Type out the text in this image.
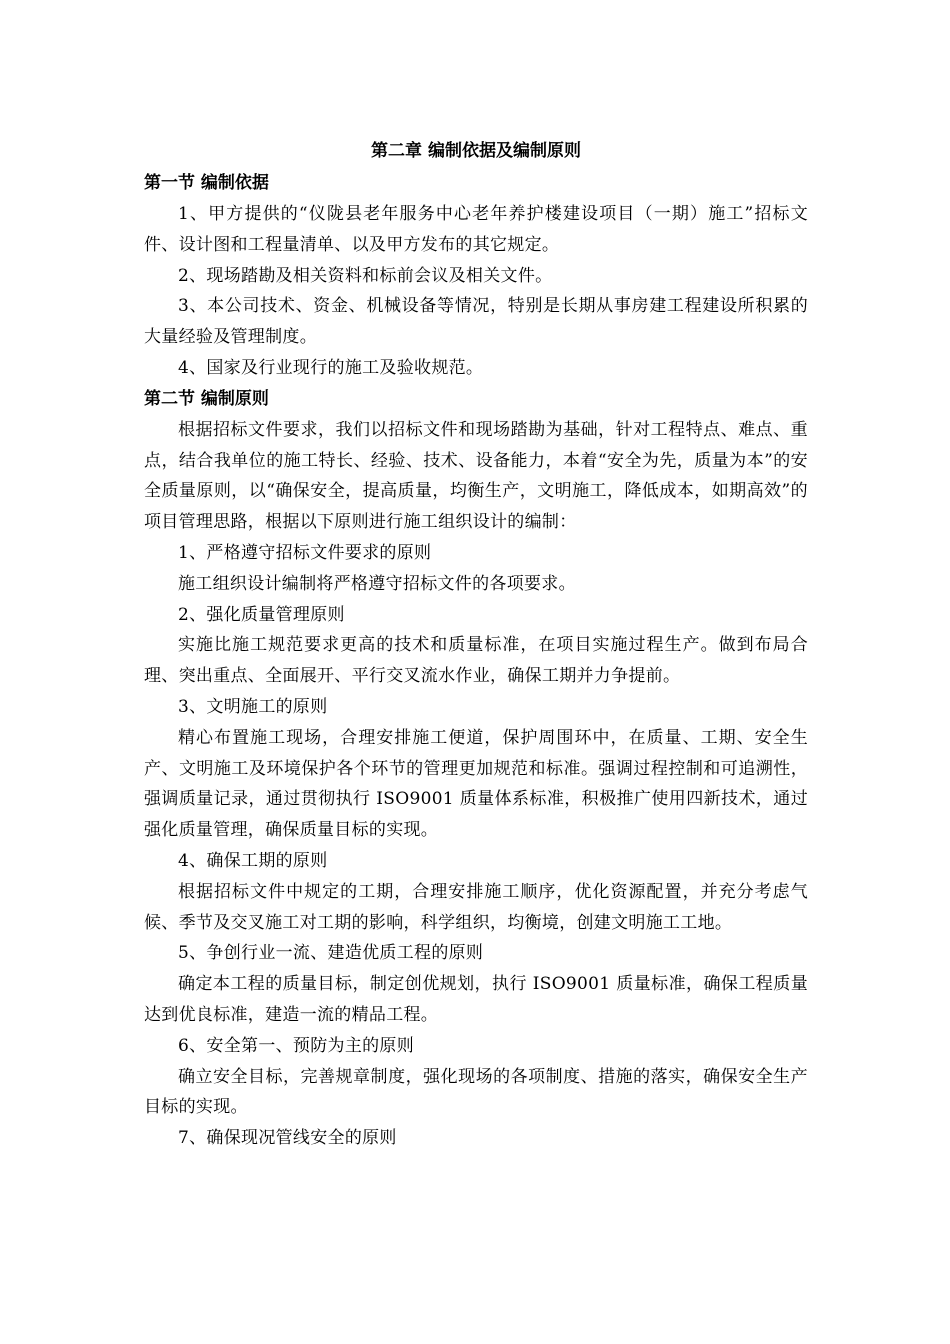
第二章 编制依据及编制原则
第一节 编制依据

1、甲方提供的“仪陇县老年服务中心老年养护楼建设项目（一期）施工”招标文件、设计图和工程量清单、以及甲方发布的其它规定。

2、现场踏勘及相关资料和标前会议及相关文件。

3、本公司技术、资金、机械设备等情况，特别是长期从事房建工程建设所积累的大量经验及管理制度。

4、国家及行业现行的施工及验收规范。

第二节 编制原则

根据招标文件要求，我们以招标文件和现场踏勘为基础，针对工程特点、难点、重点，结合我单位的施工特长、经验、技术、设备能力，本着“安全为先，质量为本”的安全质量原则，以“确保安全，提高质量，均衡生产，文明施工，降低成本，如期高效”的项目管理思路，根据以下原则进行施工组织设计的编制：

1、严格遵守招标文件要求的原则

施工组织设计编制将严格遵守招标文件的各项要求。

2、强化质量管理原则

实施比施工规范要求更高的技术和质量标准，在项目实施过程生产。做到布局合理、突出重点、全面展开、平行交叉流水作业，确保工期并力争提前。

3、文明施工的原则

精心布置施工现场，合理安排施工便道，保护周围环中，在质量、工期、安全生产、文明施工及环境保护各个环节的管理更加规范和标准。强调过程控制和可追溯性，强调质量记录，通过贯彻执行 ISO9001 质量体系标准，积极推广使用四新技术，通过强化质量管理，确保质量目标的实现。

4、确保工期的原则

根据招标文件中规定的工期，合理安排施工顺序，优化资源配置，并充分考虑气候、季节及交叉施工对工期的影响，科学组织，均衡境，创建文明施工工地。

5、争创行业一流、建造优质工程的原则

确定本工程的质量目标，制定创优规划，执行 ISO9001 质量标准，确保工程质量达到优良标准，建造一流的精品工程。

6、安全第一、预防为主的原则

确立安全目标，完善规章制度，强化现场的各项制度、措施的落实，确保安全生产目标的实现。

7、确保现况管线安全的原则
